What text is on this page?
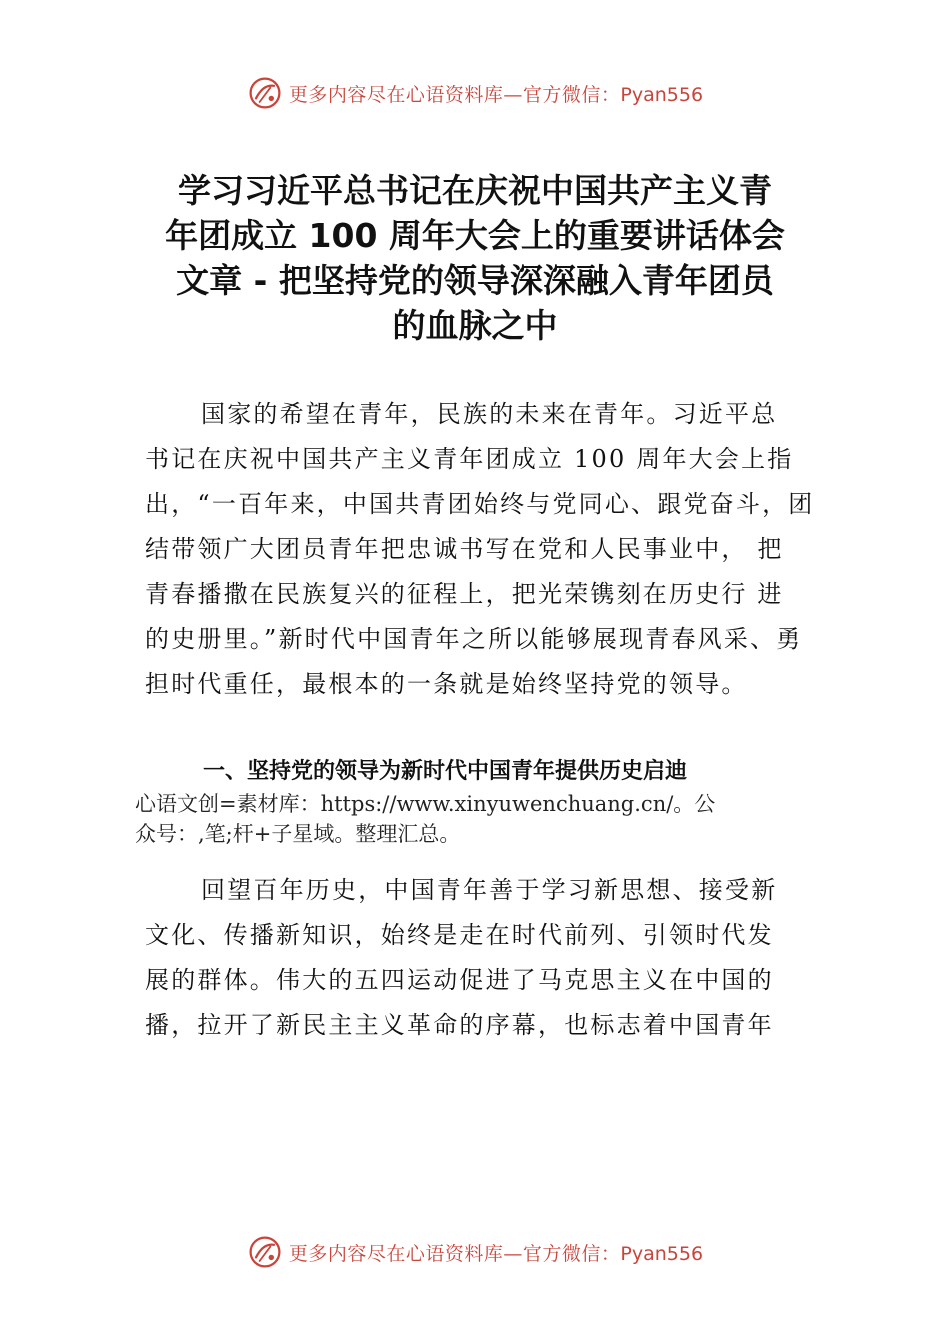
更多内容尽在心语资料库—官方微信：Pyan556
学习习近平总书记在庆祝中国共产主义青
年团成立 100 周年大会上的重要讲话体会
文章 - 把坚持党的领导深深融入青年团员
的血脉之中
国家的希望在青年，民族的未来在青年。习近平总
书记在庆祝中国共产主义青年团成立 100 周年大会上指
出，“一百年来，中国共青团始终与党同心、跟党奋斗，团
结带领广大团员青年把忠诚书写在党和人民事业中， 把
青春播撒在民族复兴的征程上，把光荣镌刻在历史行 进
的史册里。”新时代中国青年之所以能够展现青春风采、勇
担时代重任，最根本的一条就是始终坚持党的领导。
一、坚持党的领导为新时代中国青年提供历史启迪
心语文创=素材库：https://www.xinyuwenchuang.cn/。公
众号：,笔;杆+子星域。整理汇总。
回望百年历史，中国青年善于学习新思想、接受新
文化、传播新知识，始终是走在时代前列、引领时代发
展的群体。伟大的五四运动促进了马克思主义在中国的
播，拉开了新民主主义革命的序幕，也标志着中国青年
更多内容尽在心语资料库—官方微信：Pyan556
